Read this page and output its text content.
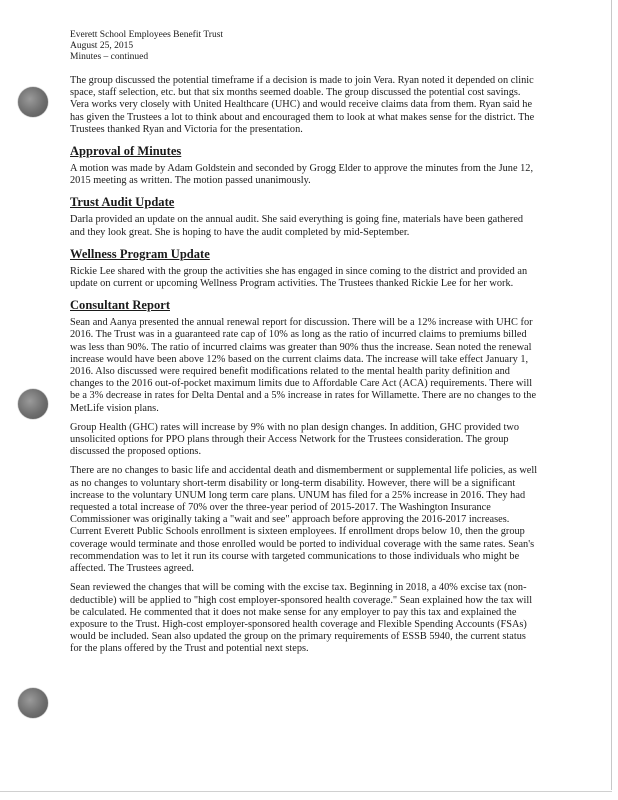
Everett School Employees Benefit Trust
August 25, 2015
Minutes – continued

The group discussed the potential timeframe if a decision is made to join Vera. Ryan noted it depended on clinic space, staff selection, etc. but that six months seemed doable. The group discussed the potential cost savings. Vera works very closely with United Healthcare (UHC) and would receive claims data from them. Ryan said he has given the Trustees a lot to think about and encouraged them to look at what makes sense for the district. The Trustees thanked Ryan and Victoria for the presentation.

Approval of Minutes

A motion was made by Adam Goldstein and seconded by Grogg Elder to approve the minutes from the June 12, 2015 meeting as written. The motion passed unanimously.

Trust Audit Update

Darla provided an update on the annual audit. She said everything is going fine, materials have been gathered and they look great. She is hoping to have the audit completed by mid-September.

Wellness Program Update

Rickie Lee shared with the group the activities she has engaged in since coming to the district and provided an update on current or upcoming Wellness Program activities. The Trustees thanked Rickie Lee for her work.

Consultant Report

Sean and Aanya presented the annual renewal report for discussion. There will be a 12% increase with UHC for 2016. The Trust was in a guaranteed rate cap of 10% as long as the ratio of incurred claims to premiums billed was less than 90%. The ratio of incurred claims was greater than 90% thus the increase. Sean noted the renewal increase would have been above 12% based on the current claims data. The increase will take effect January 1, 2016. Also discussed were required benefit modifications related to the mental health parity definition and changes to the 2016 out-of-pocket maximum limits due to Affordable Care Act (ACA) requirements. There will be a 3% decrease in rates for Delta Dental and a 5% increase in rates for Willamette. There are no changes to the MetLife vision plans.

Group Health (GHC) rates will increase by 9% with no plan design changes. In addition, GHC provided two unsolicited options for PPO plans through their Access Network for the Trustees consideration. The group discussed the proposed options.

There are no changes to basic life and accidental death and dismemberment or supplemental life policies, as well as no changes to voluntary short-term disability or long-term disability. However, there will be a significant increase to the voluntary UNUM long term care plans. UNUM has filed for a 25% increase in 2016. They had requested a total increase of 70% over the three-year period of 2015-2017. The Washington Insurance Commissioner was originally taking a "wait and see" approach before approving the 2016-2017 increases. Current Everett Public Schools enrollment is sixteen employees. If enrollment drops below 10, then the group coverage would terminate and those enrolled would be ported to individual coverage with the same rates. Sean's recommendation was to let it run its course with targeted communications to those individuals who might be affected. The Trustees agreed.

Sean reviewed the changes that will be coming with the excise tax. Beginning in 2018, a 40% excise tax (non-deductible) will be applied to "high cost employer-sponsored health coverage." Sean explained how the tax will be calculated. He commented that it does not make sense for any employer to pay this tax and explained the exposure to the Trust. High-cost employer-sponsored health coverage and Flexible Spending Accounts (FSAs) would be included. Sean also updated the group on the primary requirements of ESSB 5940, the current status for the plans offered by the Trust and potential next steps.
